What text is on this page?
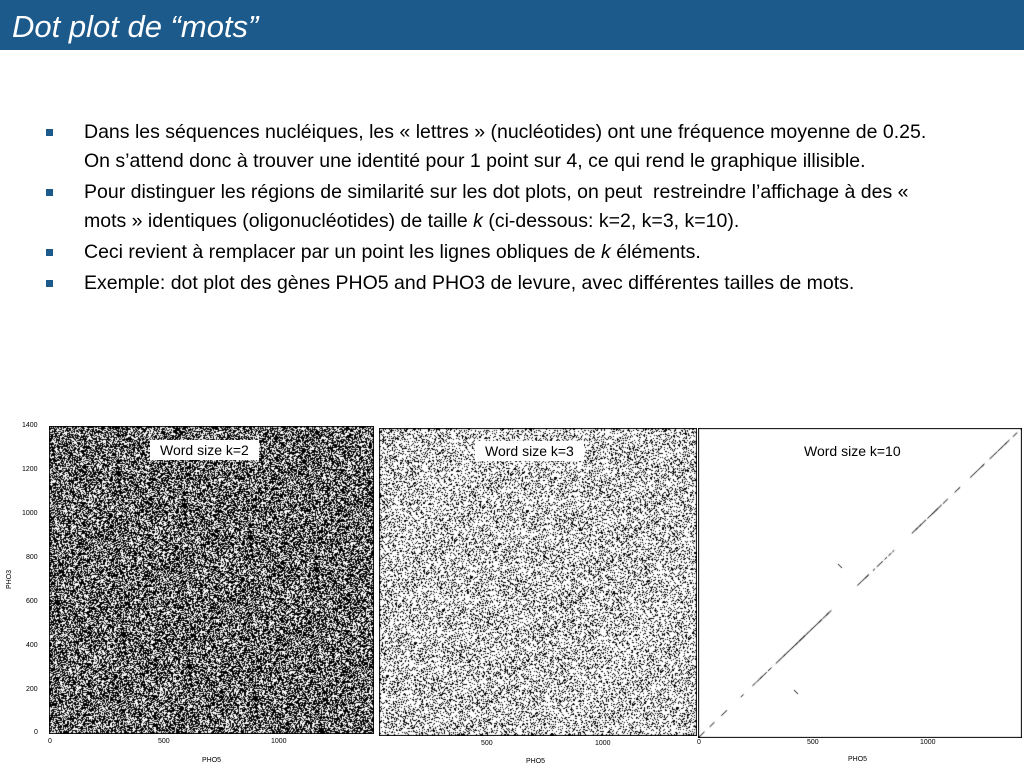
Dot plot de “mots”
Dans les séquences nucléiques, les « lettres » (nucléotides) ont une fréquence moyenne de 0.25. On s’attend donc à trouver une identité pour 1 point sur 4, ce qui rend le graphique illisible.
Pour distinguer les régions de similarité sur les dot plots, on peut  restreindre l’affichage à des « mots » identiques (oligonucléotides) de taille k (ci-dessous: k=2, k=3, k=10).
Ceci revient à remplacer par un point les lignes obliques de k éléments.
Exemple: dot plot des gènes PHO5 and PHO3 de levure, avec différentes tailles de mots.
Word size k=2
1400
1200
1000
800
600
400
200
0
0	500	1000
PHO5
PHO3
Word size k=3
500	1000
PHO5
Word size k=10
0	500	1000
PHO5
